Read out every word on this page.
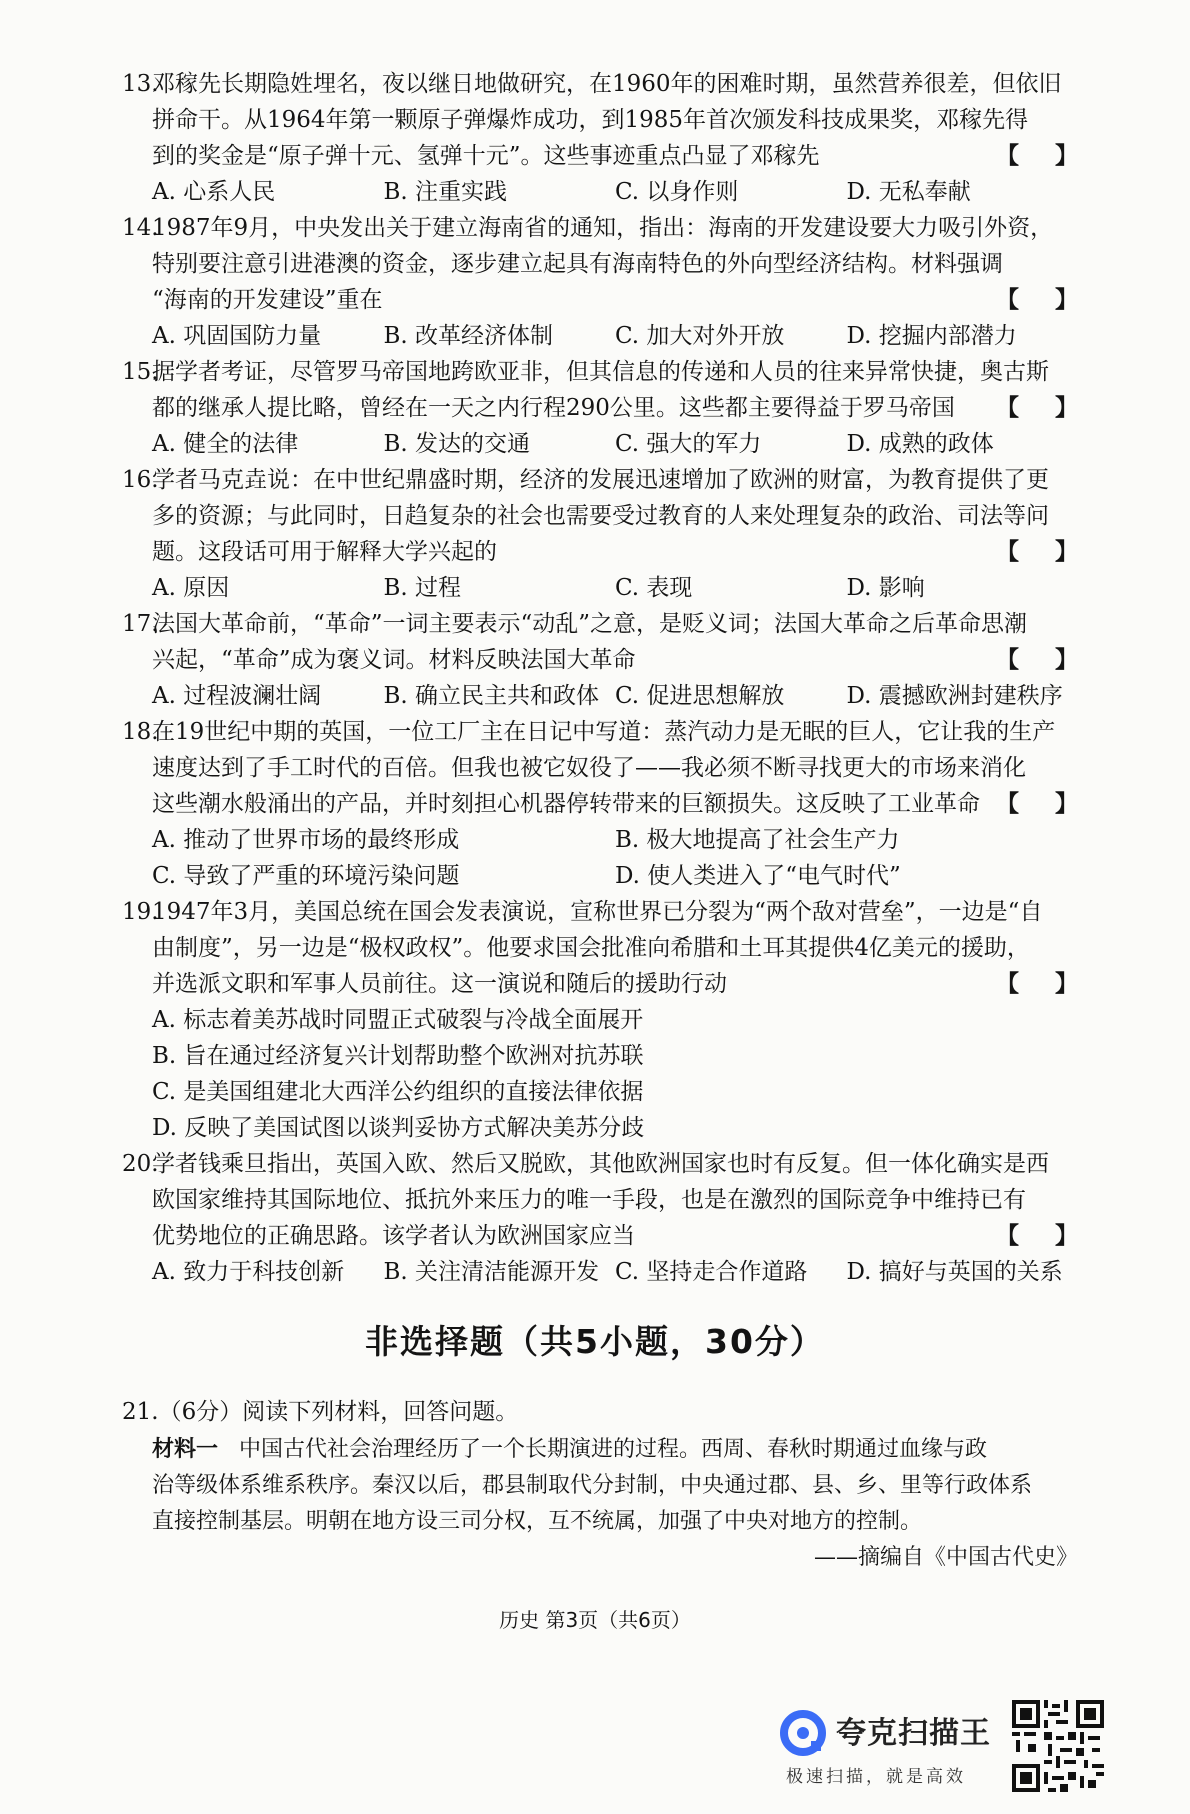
13.
邓稼先长期隐姓埋名，夜以继日地做研究，在1960年的困难时期，虽然营养很差，但依旧
拼命干。从1964年第一颗原子弹爆炸成功，到1985年首次颁发科技成果奖，邓稼先得
到的奖金是“原子弹十元、氢弹十元”。这些事迹重点凸显了邓稼先	【 】
A. 心系人民	B. 注重实践	C. 以身作则	D. 无私奉献
14.
1987年9月，中央发出关于建立海南省的通知，指出：海南的开发建设要大力吸引外资，
特别要注意引进港澳的资金，逐步建立起具有海南特色的外向型经济结构。材料强调
“海南的开发建设”重在	【 】
A. 巩固国防力量	B. 改革经济体制	C. 加大对外开放	D. 挖掘内部潜力
15.
据学者考证，尽管罗马帝国地跨欧亚非，但其信息的传递和人员的往来异常快捷，奥古斯
都的继承人提比略，曾经在一天之内行程290公里。这些都主要得益于罗马帝国 【 】
A. 健全的法律	B. 发达的交通	C. 强大的军力	D. 成熟的政体
16.
学者马克垚说：在中世纪鼎盛时期，经济的发展迅速增加了欧洲的财富，为教育提供了更
多的资源；与此同时，日趋复杂的社会也需要受过教育的人来处理复杂的政治、司法等问
题。这段话可用于解释大学兴起的	【 】
A. 原因	B. 过程	C. 表现	D. 影响
17.
法国大革命前，“革命”一词主要表示“动乱”之意，是贬义词；法国大革命之后革命思潮
兴起，“革命”成为褒义词。材料反映法国大革命	【 】
A. 过程波澜壮阔	B. 确立民主共和政体 C. 促进思想解放	D. 震撼欧洲封建秩序
18.
在19世纪中期的英国，一位工厂主在日记中写道：蒸汽动力是无眠的巨人，它让我的生产
速度达到了手工时代的百倍。但我也被它奴役了——我必须不断寻找更大的市场来消化
这些潮水般涌出的产品，并时刻担心机器停转带来的巨额损失。这反映了工业革命 【 】
A. 推动了世界市场的最终形成	B. 极大地提高了社会生产力
C. 导致了严重的环境污染问题	D. 使人类进入了“电气时代”
19.
1947年3月，美国总统在国会发表演说，宣称世界已分裂为“两个敌对营垒”，一边是“自
由制度”，另一边是“极权政权”。他要求国会批准向希腊和土耳其提供4亿美元的援助，
并选派文职和军事人员前往。这一演说和随后的援助行动	【 】
A. 标志着美苏战时同盟正式破裂与冷战全面展开
B. 旨在通过经济复兴计划帮助整个欧洲对抗苏联
C. 是美国组建北大西洋公约组织的直接法律依据
D. 反映了美国试图以谈判妥协方式解决美苏分歧
20.
学者钱乘旦指出，英国入欧、然后又脱欧，其他欧洲国家也时有反复。但一体化确实是西
欧国家维持其国际地位、抵抗外来压力的唯一手段，也是在激烈的国际竞争中维持已有
优势地位的正确思路。该学者认为欧洲国家应当	【 】
A. 致力于科技创新	B. 关注清洁能源开发 C. 坚持走合作道路	D. 搞好与英国的关系
非选择题（共5小题，30分）
21.（6分）阅读下列材料，回答问题。
材料一 中国古代社会治理经历了一个长期演进的过程。西周、春秋时期通过血缘与政
治等级体系维系秩序。秦汉以后，郡县制取代分封制，中央通过郡、县、乡、里等行政体系
直接控制基层。明朝在地方设三司分权，互不统属，加强了中央对地方的控制。
——摘编自《中国古代史》
历史 第3页（共6页）
夸克扫描王
极速扫描，就是高效
